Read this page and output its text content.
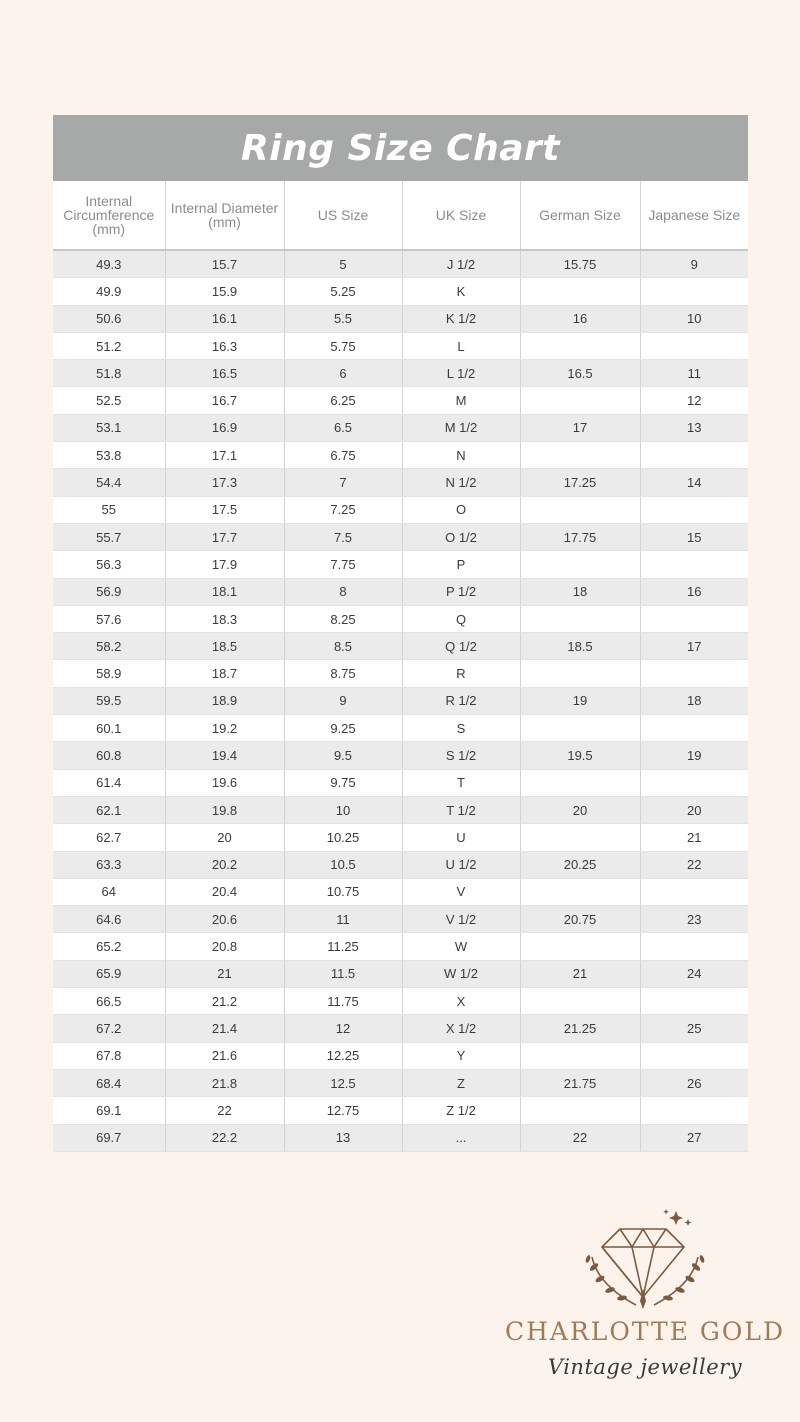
Ring Size Chart
Internal Circumference (mm)	Internal Diameter (mm)	US Size	UK Size	German Size	Japanese Size
49.3	15.7	5	J 1/2	15.75	9
49.9	15.9	5.25	K		
50.6	16.1	5.5	K 1/2	16	10
51.2	16.3	5.75	L		
51.8	16.5	6	L 1/2	16.5	11
52.5	16.7	6.25	M		12
53.1	16.9	6.5	M 1/2	17	13
53.8	17.1	6.75	N		
54.4	17.3	7	N 1/2	17.25	14
55	17.5	7.25	O		
55.7	17.7	7.5	O 1/2	17.75	15
56.3	17.9	7.75	P		
56.9	18.1	8	P 1/2	18	16
57.6	18.3	8.25	Q		
58.2	18.5	8.5	Q 1/2	18.5	17
58.9	18.7	8.75	R		
59.5	18.9	9	R 1/2	19	18
60.1	19.2	9.25	S		
60.8	19.4	9.5	S 1/2	19.5	19
61.4	19.6	9.75	T		
62.1	19.8	10	T 1/2	20	20
62.7	20	10.25	U		21
63.3	20.2	10.5	U 1/2	20.25	22
64	20.4	10.75	V		
64.6	20.6	11	V 1/2	20.75	23
65.2	20.8	11.25	W		
65.9	21	11.5	W 1/2	21	24
66.5	21.2	11.75	X		
67.2	21.4	12	X 1/2	21.25	25
67.8	21.6	12.25	Y		
68.4	21.8	12.5	Z	21.75	26
69.1	22	12.75	Z 1/2		
69.7	22.2	13	...	22	27
CHARLOTTE GOLD
Vintage jewellery
